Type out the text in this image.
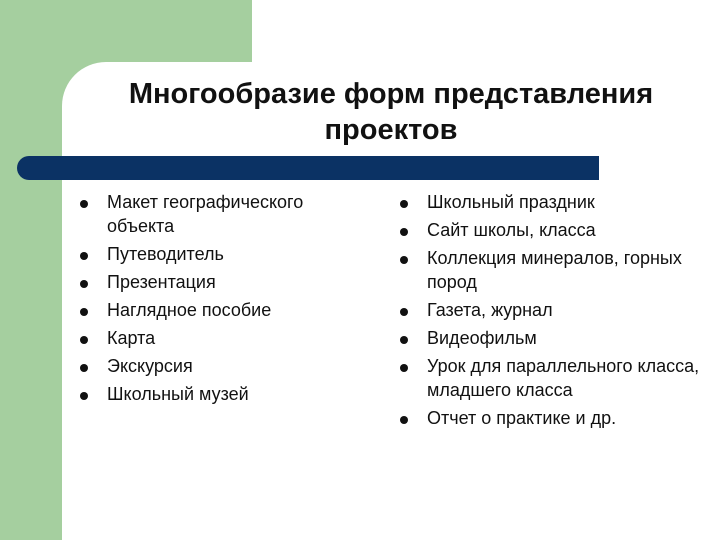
Многообразие форм представления
проектов
Макет географического объекта
Путеводитель
Презентация
Наглядное пособие
Карта
Экскурсия
Школьный музей
Школьный праздник
Сайт школы, класса
Коллекция минералов, горных пород
Газета, журнал
Видеофильм
Урок для параллельного класса, младшего класса
Отчет о практике и др.
